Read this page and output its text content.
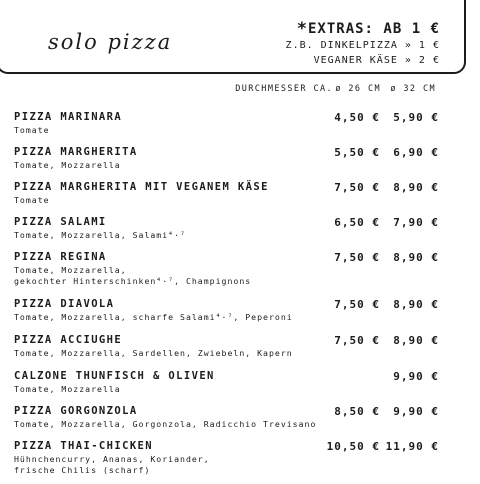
solo pizza
*EXTRAS: AB 1 €
Z.B. DINKELPIZZA » 1 €
VEGANER KÄSE » 2 €
DURCHMESSER CA. ø 26 CM ø 32 CM
PIZZA MARINARA
Tomate
4,50 € 5,90 €
PIZZA MARGHERITA
Tomate, Mozzarella
5,50 € 6,90 €
PIZZA MARGHERITA MIT VEGANEM KÄSE
Tomate
7,50 € 8,90 €
PIZZA SALAMI
Tomate, Mozzarella, Salami⁴·⁷
6,50 € 7,90 €
PIZZA REGINA
Tomate, Mozzarella,
gekochter Hinterschinken⁴·⁷, Champignons
7,50 € 8,90 €
PIZZA DIAVOLA
Tomate, Mozzarella, scharfe Salami⁴·⁷, Peperoni
7,50 € 8,90 €
PIZZA ACCIUGHE
Tomate, Mozzarella, Sardellen, Zwiebeln, Kapern
7,50 € 8,90 €
CALZONE THUNFISCH & OLIVEN
Tomate, Mozzarella
9,90 €
PIZZA GORGONZOLA
Tomate, Mozzarella, Gorgonzola, Radicchio Trevisano
8,50 € 9,90 €
PIZZA THAI-CHICKEN
Hühnchencurry, Ananas, Koriander,
frische Chilis (scharf)
10,50 € 11,90 €
